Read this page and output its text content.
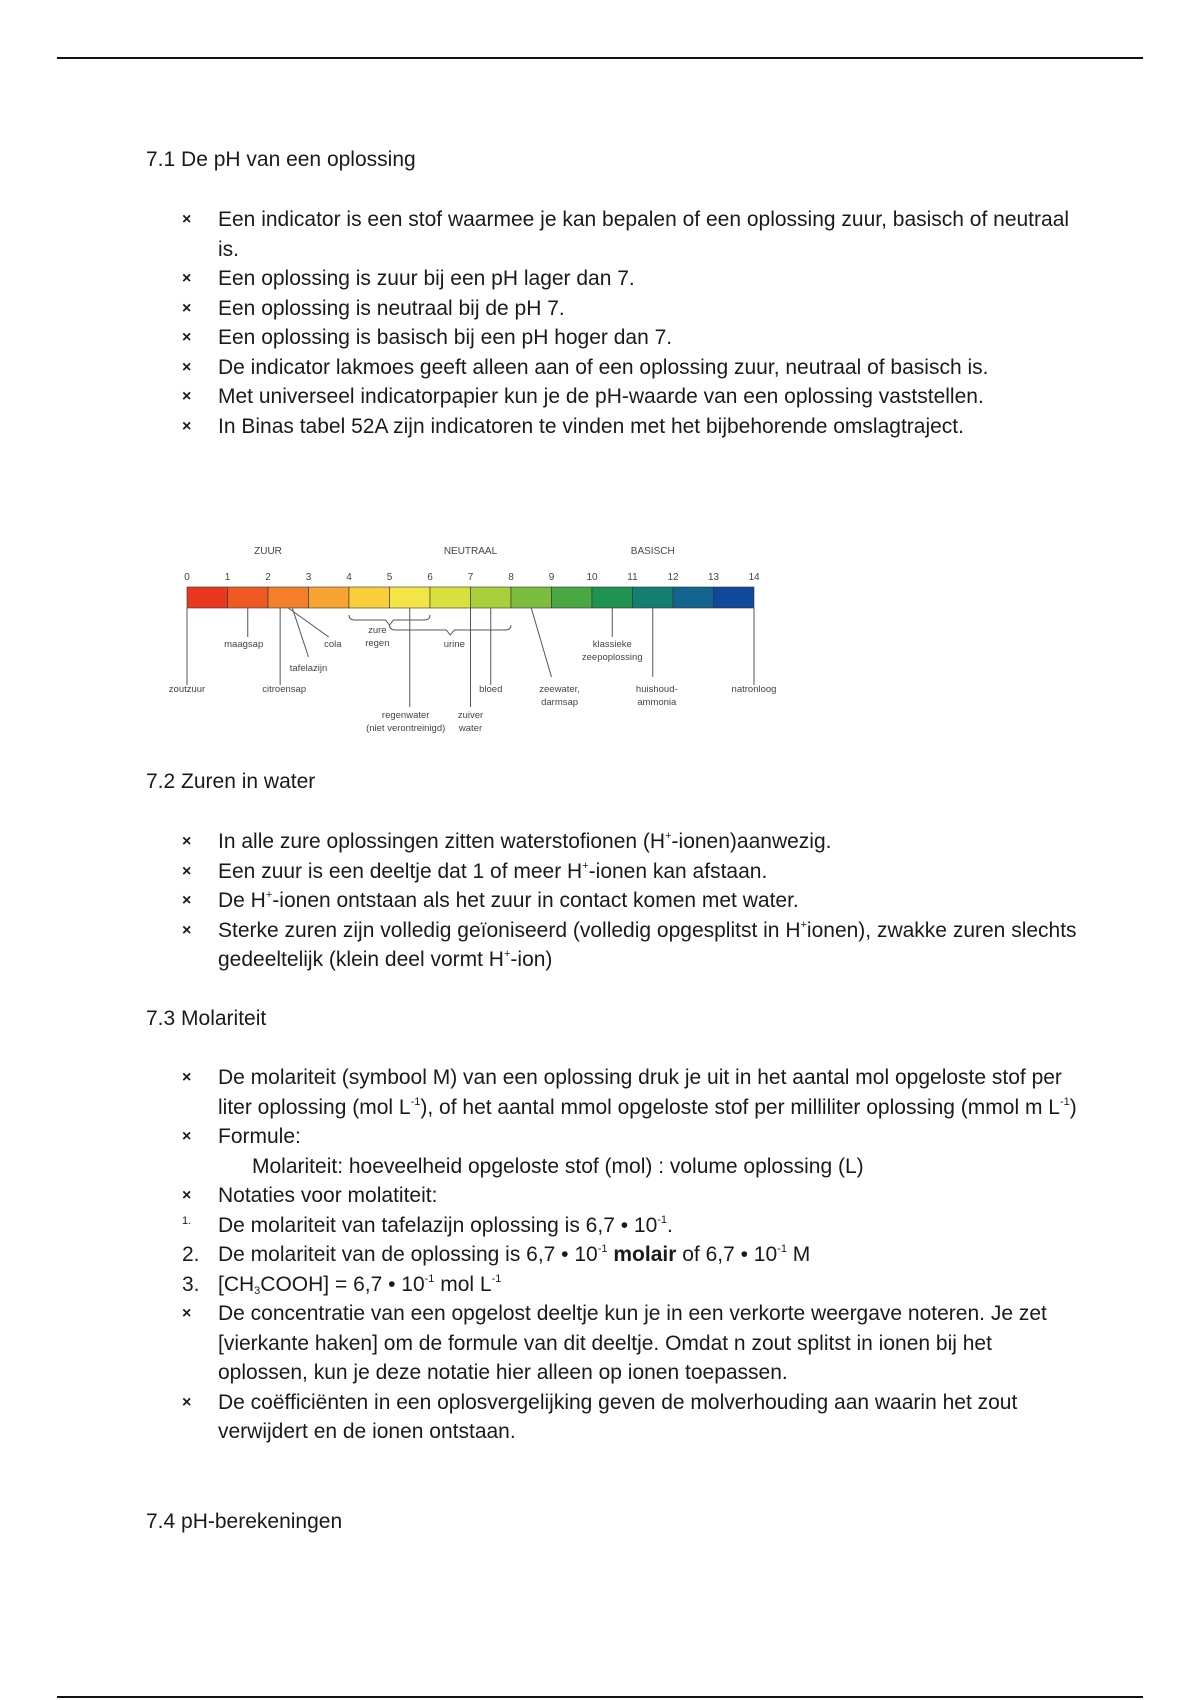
7.1 De pH van een oplossing
× Een indicator is een stof waarmee je kan bepalen of een oplossing zuur, basisch of neutraal is.
× Een oplossing is zuur bij een pH lager dan 7.
× Een oplossing is neutraal bij de pH 7.
× Een oplossing is basisch bij een pH hoger dan 7.
× De indicator lakmoes geeft alleen aan of een oplossing zuur, neutraal of basisch is.
× Met universeel indicatorpapier kun je de pH-waarde van een oplossing vaststellen.
× In Binas tabel 52A zijn indicatoren te vinden met het bijbehorende omslagtraject.
0	1	2	3	4	5	6	7	8	9	10	11	12	13	14
ZUUR	NEUTRAAL	BASISCH
zoutzuur
maagsap
citroensap
tafelazijn
cola
zure
regen	urine
regenwater
(niet verontreinigd)
zuiver
water
bloed	zeewater,
darmsap
klassieke
zeepoplossing
huishoud-
ammonia
natronloog
7.2 Zuren in water
× In alle zure oplossingen zitten waterstofionen (H+-ionen)aanwezig.
× Een zuur is een deeltje dat 1 of meer H+-ionen kan afstaan.
× De H+-ionen ontstaan als het zuur in contact komen met water.
× Sterke zuren zijn volledig geïoniseerd (volledig opgesplitst in H+ionen), zwakke zuren slechts gedeeltelijk (klein deel vormt H+-ion)
7.3 Molariteit
× De molariteit (symbool M) van een oplossing druk je uit in het aantal mol opgeloste stof per liter oplossing (mol $L^{-1}$), of het aantal mmol opgeloste stof per milliliter oplossing (mmol m $L^{-1}$)
× Formule:
Molariteit: hoeveelheid opgeloste stof (mol) : volume oplossing (L)
× Notaties voor molatiteit:
1. De molariteit van tafelazijn oplossing is 6,7 • $10^{-1}$.
2. De molariteit van de oplossing is 6,7 • $10^{-1}$ molair of 6,7 • $10^{-1}$ M
3. $[CH_3COOH] = 6,7$ • $10^{-1}$ mol $L^{-1}$
× De concentratie van een opgelost deeltje kun je in een verkorte weergave noteren. Je zet [vierkante haken] om de formule van dit deeltje. Omdat n zout splitst in ionen bij het oplossen, kun je deze notatie hier alleen op ionen toepassen.
× De coëfficiënten in een oplosvergelijking geven de molverhouding aan waarin het zout verwijdert en de ionen ontstaan.
7.4 pH-berekeningen
